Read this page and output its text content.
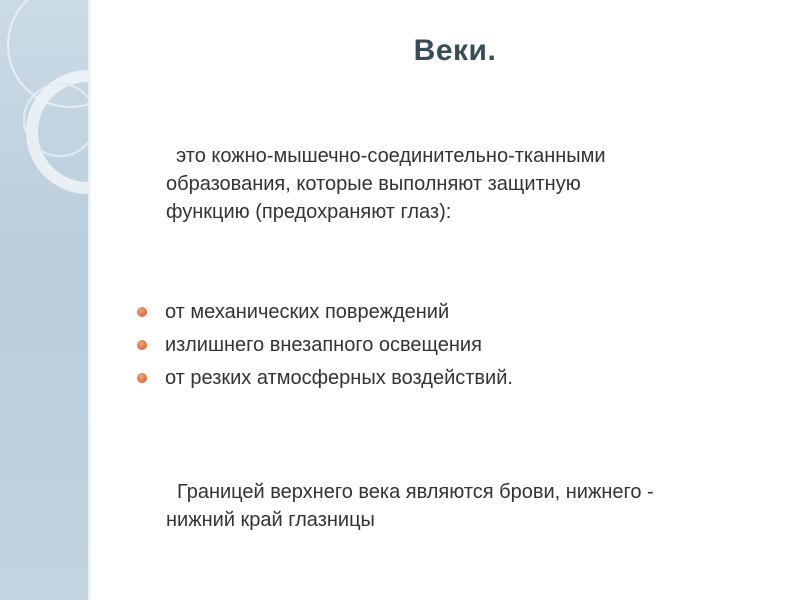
Веки.
это кожно-мышечно-соединительно-тканными образования, которые выполняют защитную функцию (предохраняют глаз):
от механических повреждений
излишнего внезапного освещения
от резких атмосферных воздействий.
Границей верхнего века являются брови, нижнего - нижний край глазницы
